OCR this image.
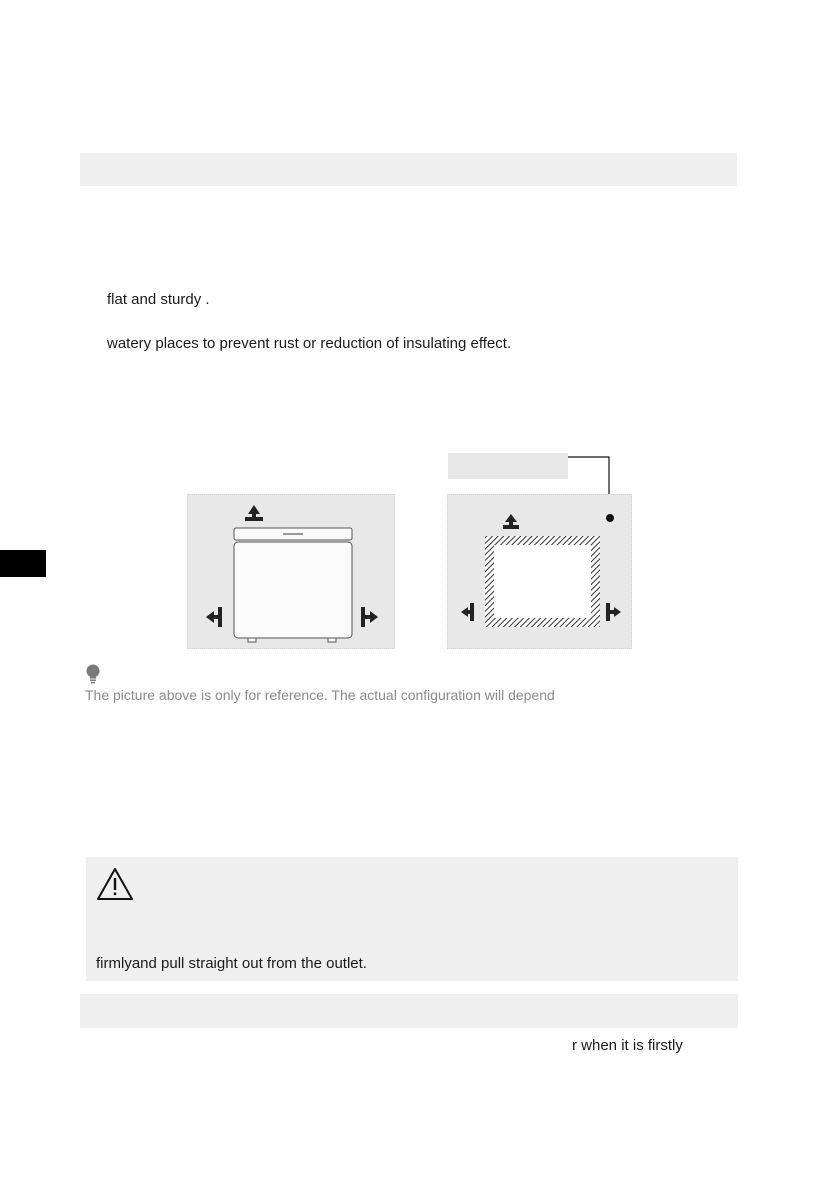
flat and sturdy .
watery places to prevent rust or reduction of insulating effect.
The picture above is only for reference. The actual configuration will depend
firmlyand pull straight out from the outlet.
r when it is firstly
